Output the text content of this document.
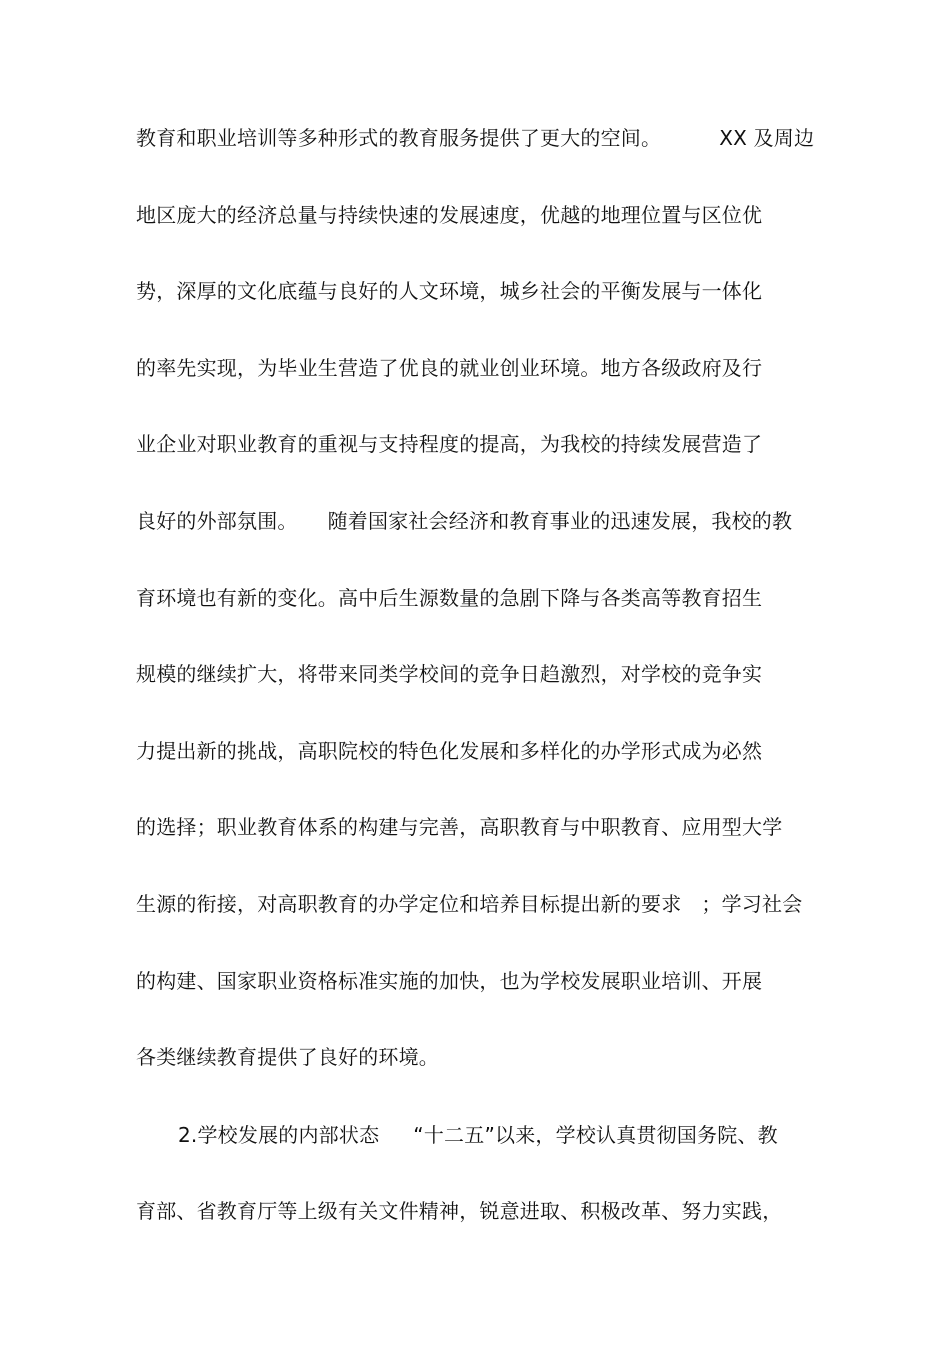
教育和职业培训等多种形式的教育服务提供了更大的空间。	XX 及周边
地区庞大的经济总量与持续快速的发展速度，优越的地理位置与区位优
势，深厚的文化底蕴与良好的人文环境，城乡社会的平衡发展与一体化
的率先实现，为毕业生营造了优良的就业创业环境。地方各级政府及行
业企业对职业教育的重视与支持程度的提高，为我校的持续发展营造了
良好的外部氛围。 随着国家社会经济和教育事业的迅速发展，我校的教
育环境也有新的变化。高中后生源数量的急剧下降与各类高等教育招生
规模的继续扩大，将带来同类学校间的竞争日趋激烈，对学校的竞争实
力提出新的挑战，高职院校的特色化发展和多样化的办学形式成为必然
的选择；职业教育体系的构建与完善，高职教育与中职教育、应用型大学
生源的衔接，对高职教育的办学定位和培养目标提出新的要求 ；学习社会
的构建、国家职业资格标准实施的加快，也为学校发展职业培训、开展
各类继续教育提供了良好的环境。
2.学校发展的内部状态 “十二五”以来，学校认真贯彻国务院、教
育部、省教育厅等上级有关文件精神，锐意进取、积极改革、努力实践，
